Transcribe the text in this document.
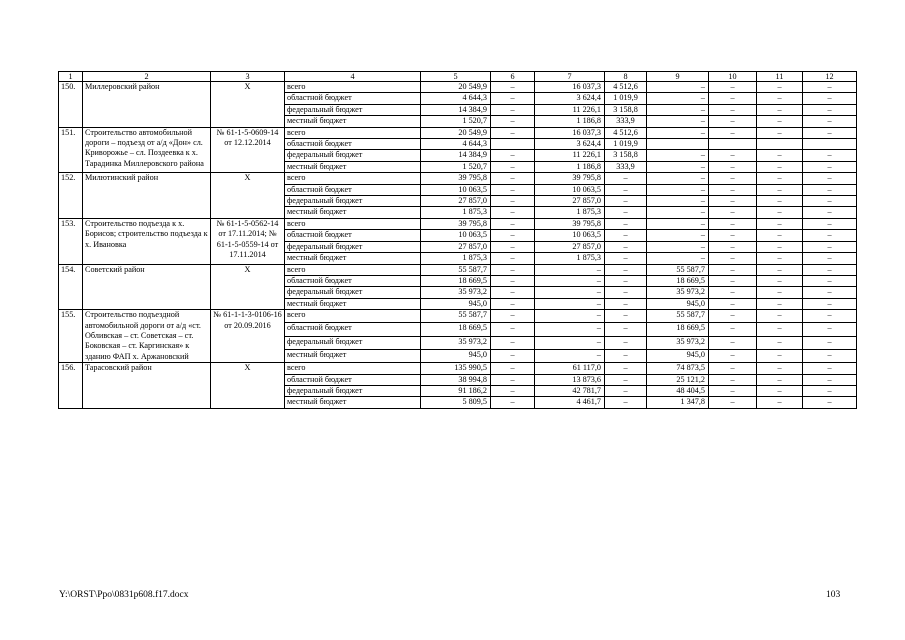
1	2	3	4	5	6	7	8	9	10	11	12
150.	Миллеровский район	Х	всего	20 549,9	–	16 037,3	4 512,6	–	–	–	–
			областной бюджет	4 644,3	–	3 624,4	1 019,9	–	–	–	–
			федеральный бюджет	14 384,9	–	11 226,1	3 158,8	–	–	–	–
			местный бюджет	1 520,7	–	1 186,8	333,9	–	–	–	–
151.	Строительство автомобильной дороги – подъезд от а/д «Дон» сл. Криворожье – сл. Поздеевка к х. Тарадинка Миллеровского района	№ 61-1-5-0609-14 от 12.12.2014	всего	20 549,9	–	16 037,3	4 512,6	–	–	–	–
			областной бюджет	4 644,3		3 624,4	1 019,9				
			федеральный бюджет	14 384,9	–	11 226,1	3 158,8	–	–	–	–
			местный бюджет	1 520,7	–	1 186,8	333,9	–	–	–	–
152.	Милютинский район	Х	всего	39 795,8	–	39 795,8	–	–	–	–	–
			областной бюджет	10 063,5	–	10 063,5	–	–	–	–	–
			федеральный бюджет	27 857,0	–	27 857,0	–	–	–	–	–
			местный бюджет	1 875,3	–	1 875,3	–	–	–	–	–
153.	Строительство подъезда к х. Борисов; строительство подъезда к х. Ивановка	№ 61-1-5-0562-14 от 17.11.2014; № 61-1-5-0559-14 от 17.11.2014	всего	39 795,8	–	39 795,8	–	–	–	–	–
			областной бюджет	10 063,5	–	10 063,5	–	–	–	–	–
			федеральный бюджет	27 857,0	–	27 857,0	–	–	–	–	–
			местный бюджет	1 875,3	–	1 875,3	–	–	–	–	–
154.	Советский район	Х	всего	55 587,7	–	–	–	55 587,7	–	–	–
			областной бюджет	18 669,5	–	–	–	18 669,5	–	–	–
			федеральный бюджет	35 973,2	–	–	–	35 973,2	–	–	–
			местный бюджет	945,0	–	–	–	945,0	–	–	–
155.	Строительство подъездной автомобильной дороги от а/д «ст. Обливская – ст. Советская – ст. Боковская – ст. Каргинская» к зданию ФАП х. Аржановский	№ 61-1-1-3-0106-16 от 20.09.2016	всего	55 587,7	–	–	–	55 587,7	–	–	–
			областной бюджет	18 669,5	–	–	–	18 669,5	–	–	–
			федеральный бюджет	35 973,2	–	–	–	35 973,2	–	–	–
			местный бюджет	945,0	–	–	–	945,0	–	–	–
156.	Тарасовский район	Х	всего	135 990,5	–	61 117,0	–	74 873,5	–	–	–
			областной бюджет	38 994,8	–	13 873,6	–	25 121,2	–	–	–
			федеральный бюджет	91 186,2	–	42 781,7	–	48 404,5	–	–	–
			местный бюджет	5 809,5	–	4 461,7	–	1 347,8	–	–	–
Y:\ORST\Ppo\0831p608.f17.docx	103
